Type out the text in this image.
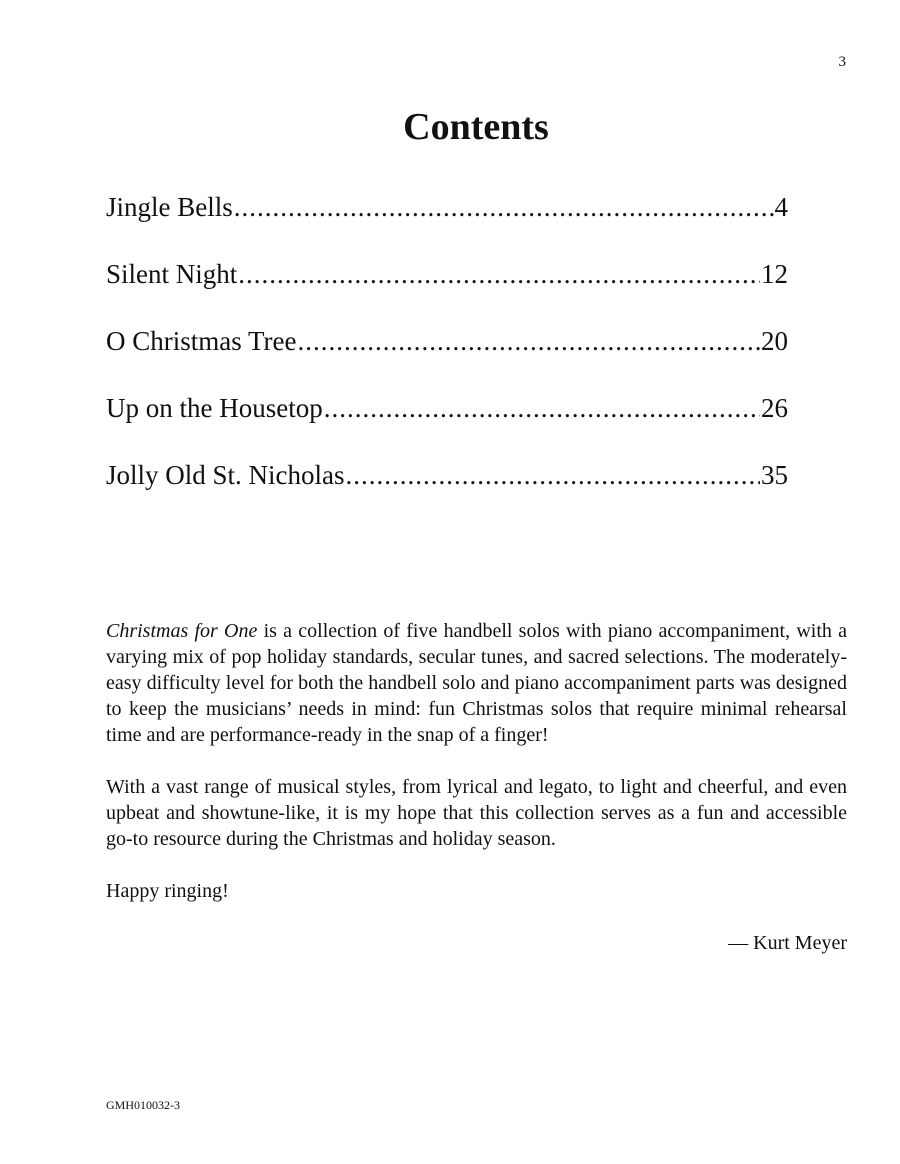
3
Contents
Jingle Bells .....	4
Silent Night .....	12
O Christmas Tree .....	20
Up on the Housetop .....	26
Jolly Old St. Nicholas .....	35

Christmas for One is a collection of five handbell solos with piano accompaniment, with a varying mix of pop holiday standards, secular tunes, and sacred selections. The moderately-easy difficulty level for both the handbell solo and piano accompaniment parts was designed to keep the musicians’ needs in mind: fun Christmas solos that require minimal rehearsal time and are performance-ready in the snap of a finger!

With a vast range of musical styles, from lyrical and legato, to light and cheerful, and even upbeat and showtune-like, it is my hope that this collection serves as a fun and accessible go-to resource during the Christmas and holiday season.

Happy ringing!

— Kurt Meyer

GMH010032-3
